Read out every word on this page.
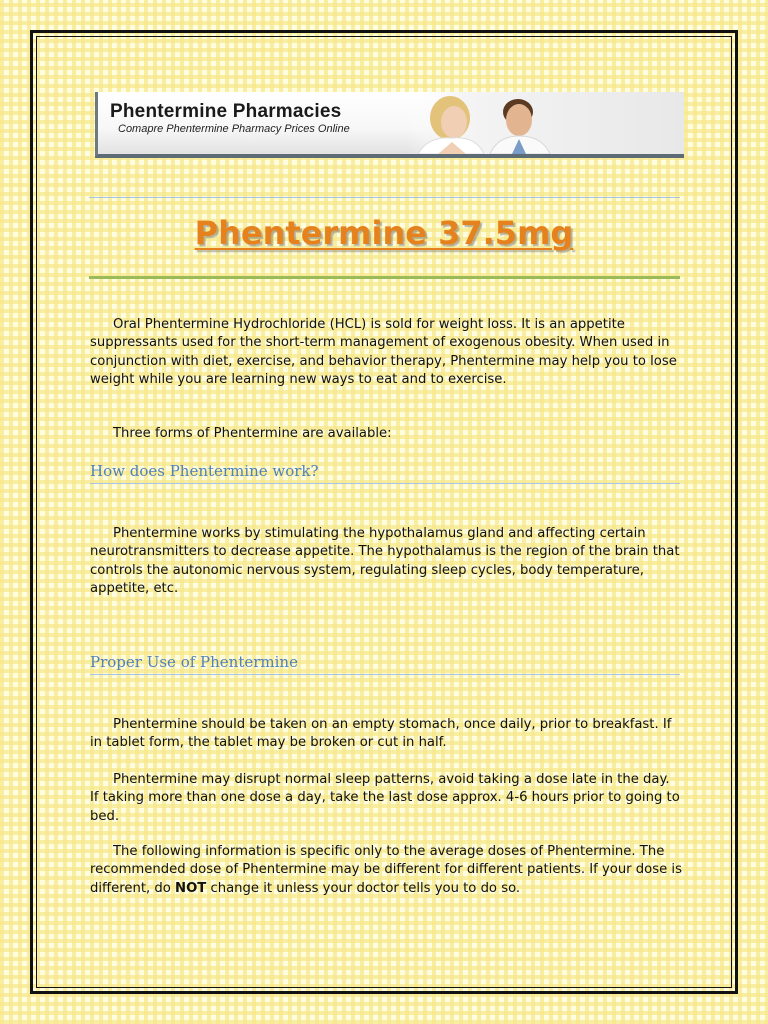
Phentermine Pharmacies
Comapre Phentermine Pharmacy Prices Online
Phentermine 37.5mg

Oral Phentermine Hydrochloride (HCL) is sold for weight loss. It is an appetite suppressants used for the short-term management of exogenous obesity. When used in conjunction with diet, exercise, and behavior therapy, Phentermine may help you to lose weight while you are learning new ways to eat and to exercise.

Three forms of Phentermine are available:

How does Phentermine work?

Phentermine works by stimulating the hypothalamus gland and affecting certain neurotransmitters to decrease appetite. The hypothalamus is the region of the brain that controls the autonomic nervous system, regulating sleep cycles, body temperature, appetite, etc.

Proper Use of Phentermine

Phentermine should be taken on an empty stomach, once daily, prior to breakfast. If in tablet form, the tablet may be broken or cut in half.

Phentermine may disrupt normal sleep patterns, avoid taking a dose late in the day. If taking more than one dose a day, take the last dose approx. 4-6 hours prior to going to bed.

The following information is specific only to the average doses of Phentermine. The recommended dose of Phentermine may be different for different patients. If your dose is different, do NOT change it unless your doctor tells you to do so.
